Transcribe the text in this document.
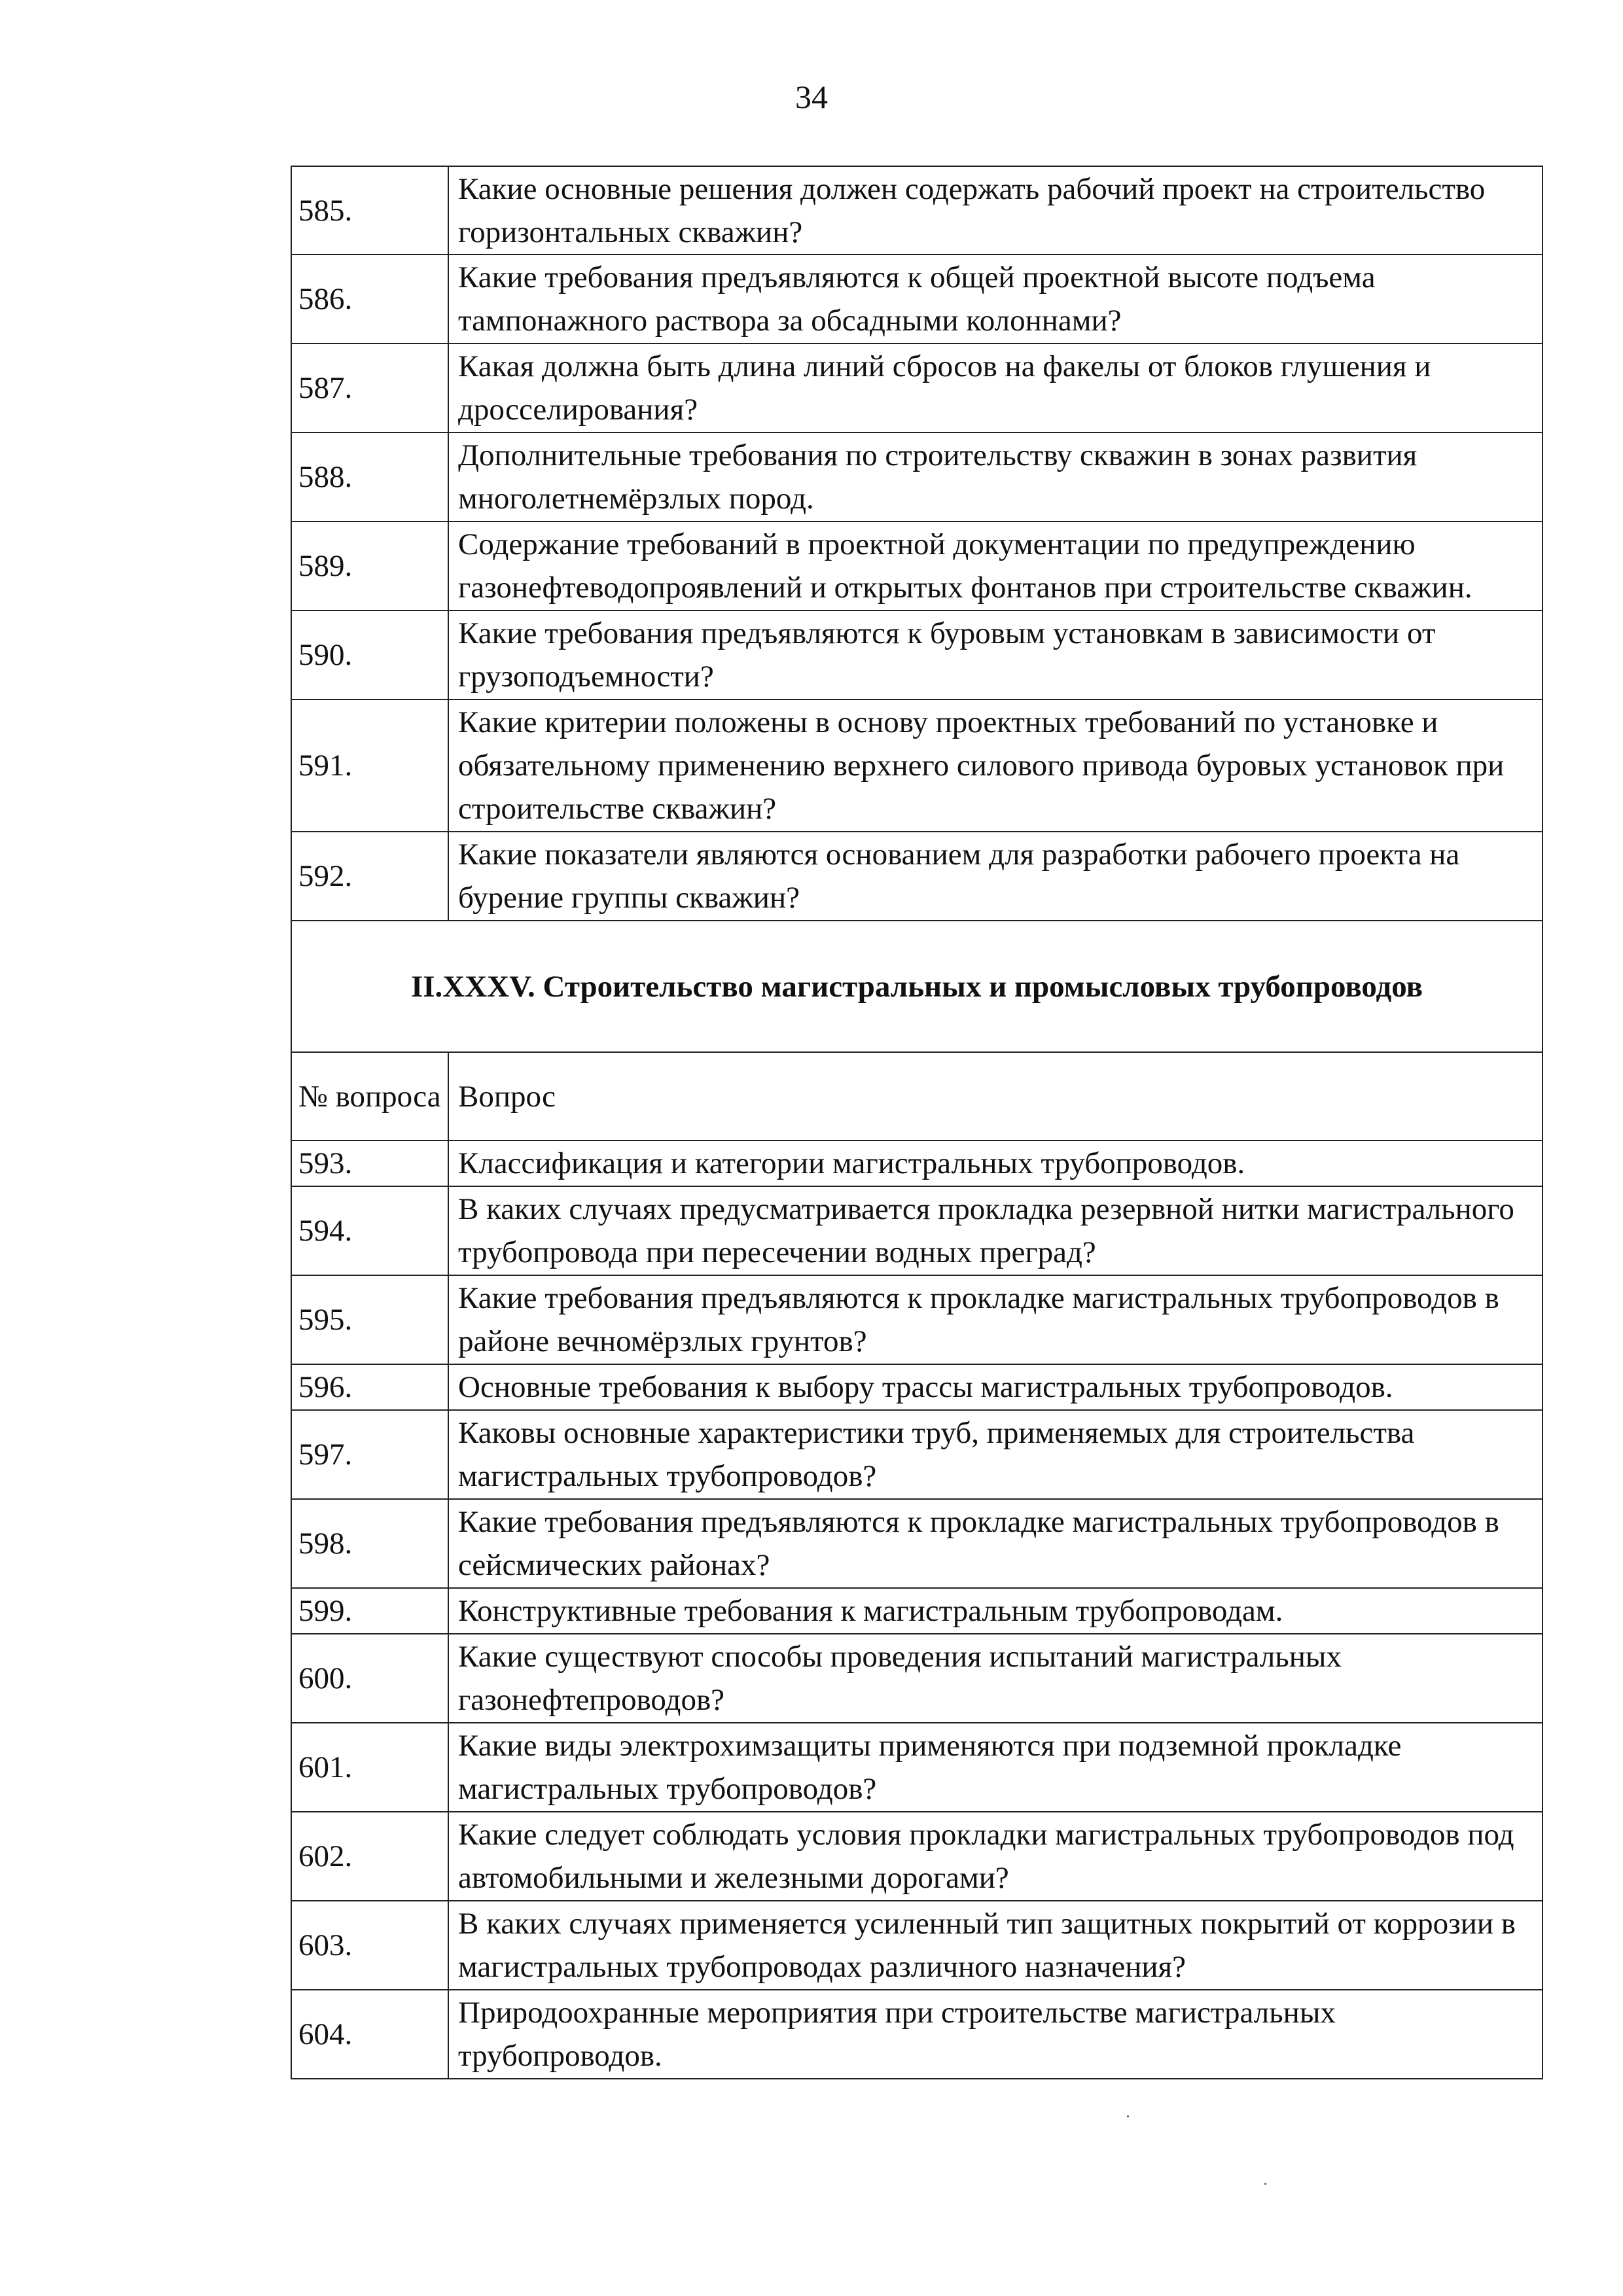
34
585.	Какие основные решения должен содержать рабочий проект на строительство горизонтальных скважин?
586.	Какие требования предъявляются к общей проектной высоте подъема тампонажного раствора за обсадными колоннами?
587.	Какая должна быть длина линий сбросов на факелы от блоков глушения и дросселирования?
588.	Дополнительные требования по строительству скважин в зонах развития многолетнемёрзлых пород.
589.	Содержание требований в проектной документации по предупреждению газонефтеводопроявлений и открытых фонтанов при строительстве скважин.
590.	Какие требования предъявляются к буровым установкам в зависимости от грузоподъемности?
591.	Какие критерии положены в основу проектных требований по установке и обязательному применению верхнего силового привода буровых установок при строительстве скважин?
592.	Какие показатели являются основанием для разработки рабочего проекта на бурение группы скважин?
II.XXXV. Строительство магистральных и промысловых трубопроводов	
№ вопроса	Вопрос
593.	Классификация и категории магистральных трубопроводов.
594.	В каких случаях предусматривается прокладка резервной нитки магистрального трубопровода при пересечении водных преград?
595.	Какие требования предъявляются к прокладке магистральных трубопроводов в районе вечномёрзлых грунтов?
596.	Основные требования к выбору трассы магистральных трубопроводов.
597.	Каковы основные характеристики труб, применяемых для строительства магистральных трубопроводов?
598.	Какие требования предъявляются к прокладке магистральных трубопроводов в сейсмических районах?
599.	Конструктивные требования к магистральным трубопроводам.
600.	Какие существуют способы проведения испытаний магистральных газонефтепроводов?
601.	Какие виды электрохимзащиты применяются при подземной прокладке магистральных трубопроводов?
602.	Какие следует соблюдать условия прокладки магистральных трубопроводов под автомобильными и железными дорогами?
603.	В каких случаях применяется усиленный тип защитных покрытий от коррозии в магистральных трубопроводах различного назначения?
604.	Природоохранные мероприятия при строительстве магистральных трубопроводов.
